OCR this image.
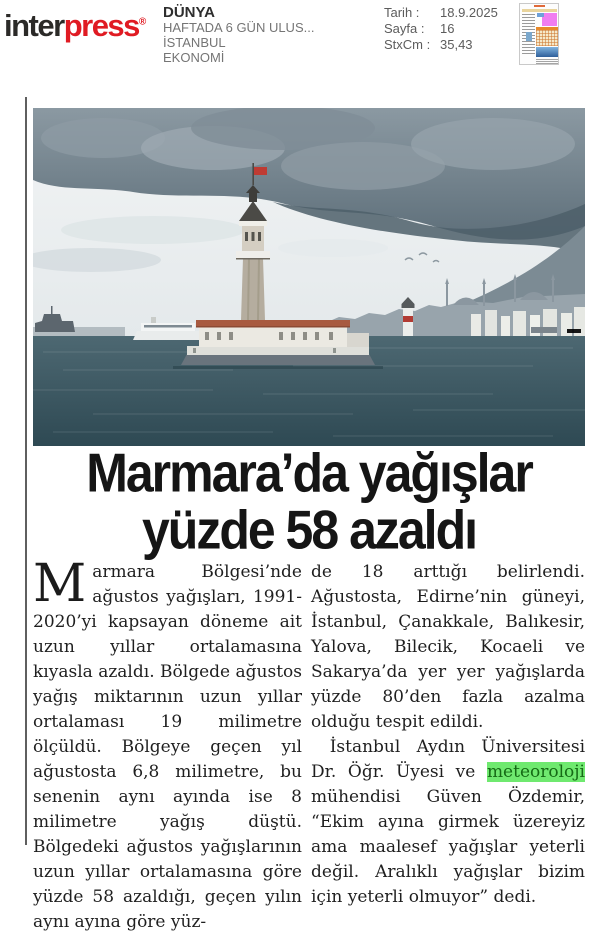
interpress®
DÜNYA
HAFTADA 6 GÜN ULUS...
İSTANBUL
EKONOMİ
Tarih :	18.9.2025
Sayfa :	16
StxCm : 35,43
Marmara’da yağışlar
yüzde 58 azaldı

Marmara Bölgesi’nde ağustos yağışları, 1991-2020’yi kapsayan döneme ait uzun yıllar ortalamasına kıyasla azaldı. Bölgede ağustos yağış miktarının uzun yıllar ortalaması 19 milimetre ölçüldü. Bölgeye geçen yıl ağustosta 6,8 milimetre, bu senenin aynı ayında ise 8 milimetre yağış düştü. Bölgedeki ağustos yağışlarının uzun yıllar ortalamasına göre yüzde 58 azaldığı, geçen yılın aynı ayına göre yüz-

de 18 arttığı belirlendi. Ağustosta, Edirne’nin güneyi, İstanbul, Çanakkale, Balıkesir, Yalova, Bilecik, Kocaeli ve Sakarya’da yer yer yağışlarda yüzde 80’den fazla azalma olduğu tespit edildi.

İstanbul Aydın Üniversitesi Dr. Öğr. Üyesi ve meteoroloji mühendisi Güven Özdemir, “Ekim ayına girmek üzereyiz ama maalesef yağışlar yeterli değil. Aralıklı yağışlar bizim için yeterli olmuyor” dedi.
